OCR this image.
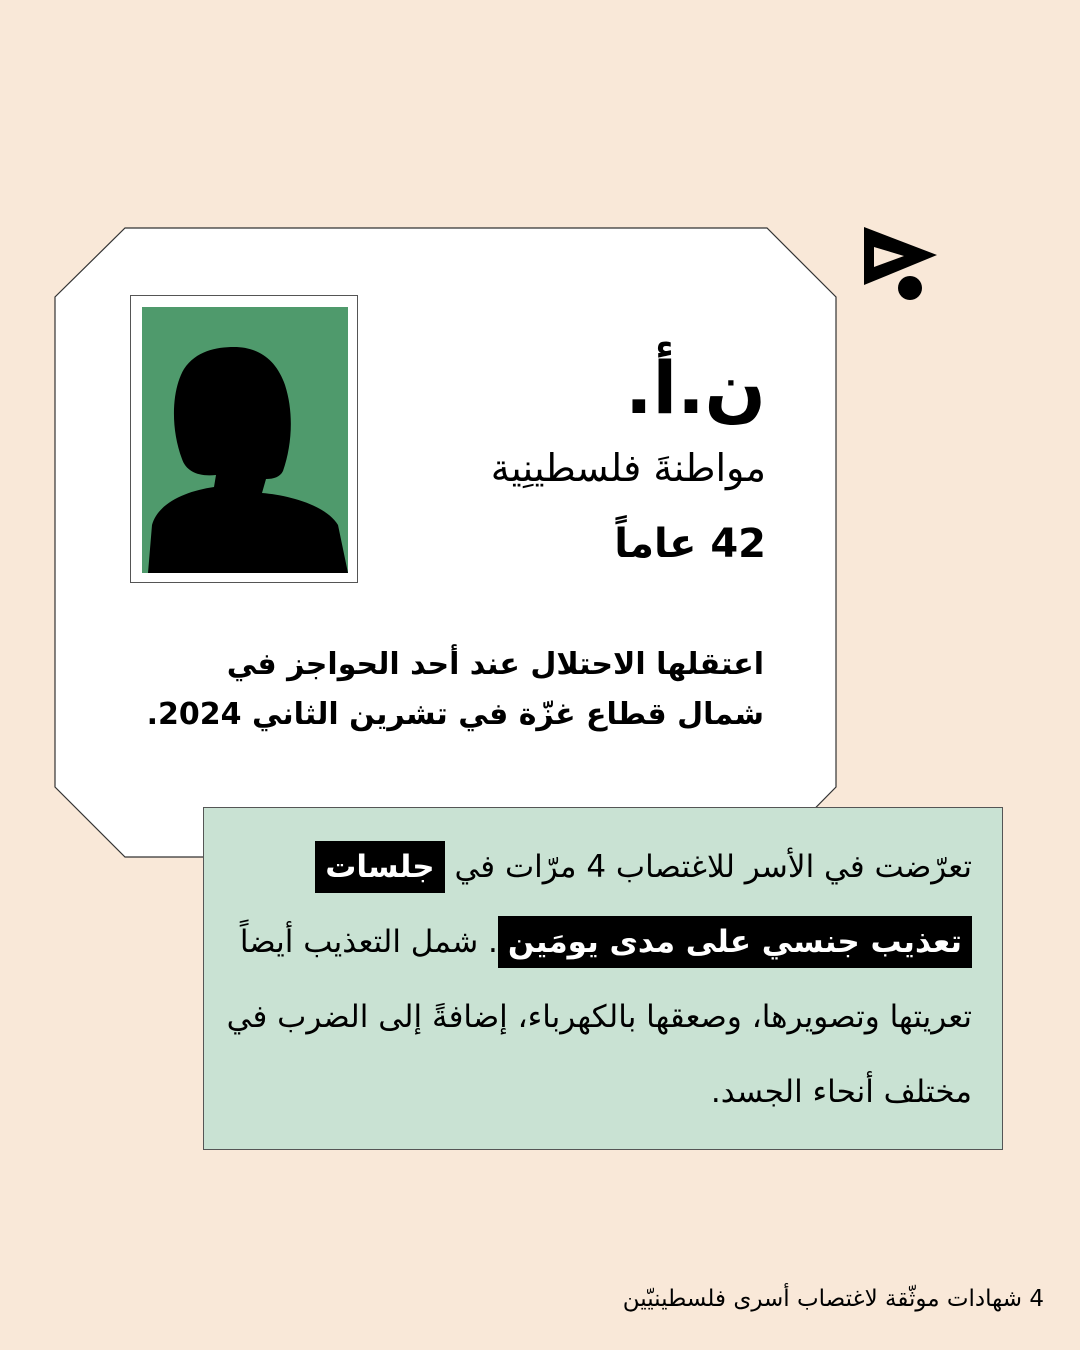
ن.أ.
مواطنةَ فلسطينِية
42 عاماً
اعتقلها الاحتلال عند أحد الحواجز في شمال قطاع غزّة في تشرين الثاني 2024.
تعرّضت في الأسر للاغتصاب 4 مرّات في جلسات تعذيب جنسي على مدى يومَين. شمل التعذيب أيضاً تعريتها وتصويرها، وصعقها بالكهرباء، إضافةً إلى الضرب في مختلف أنحاء الجسد.
4 شهادات موثّقة لاغتصاب أسرى فلسطينيّين
